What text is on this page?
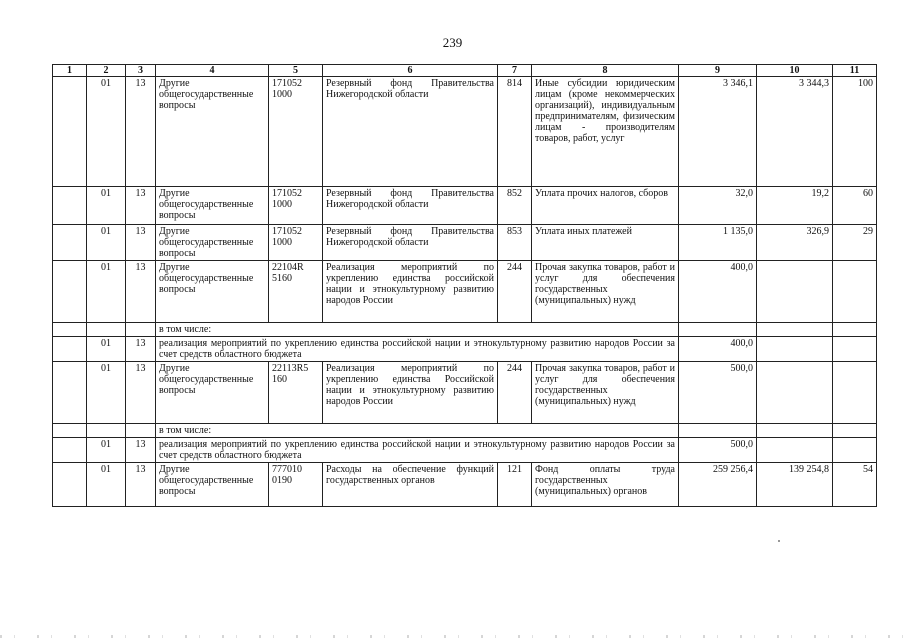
239
1	2	3	4	5	6	7	8	9	10	11
	01	13	Другие общегосударственные вопросы	171052 1000	Резервный фонд Правительства Нижегородской области	814	Иные субсидии юридическим лицам (кроме некоммерческих организаций), индивидуальным предпринимателям, физическим лицам - производителям товаров, работ, услуг	3 346,1	3 344,3	100
	01	13	Другие общегосударственные вопросы	171052 1000	Резервный фонд Правительства Нижегородской области	852	Уплата прочих налогов, сборов	32,0	19,2	60
	01	13	Другие общегосударственные вопросы	171052 1000	Резервный фонд Правительства Нижегородской области	853	Уплата иных платежей	1 135,0	326,9	29
	01	13	Другие общегосударственные вопросы	22104R 5160	Реализация мероприятий по укреплению единства российской нации и этнокультурному развитию народов России	244	Прочая закупка товаров, работ и услуг для обеспечения государственных (муниципальных) нужд	400,0		
			в том числе:							
	01	13	реализация мероприятий по укреплению единства российской нации и этнокультурному развитию народов России за счет средств областного бюджета					400,0		
	01	13	Другие общегосударственные вопросы	22113R5 160	Реализация мероприятий по укреплению единства Российской нации и этнокультурному развитию народов России	244	Прочая закупка товаров, работ и услуг для обеспечения государственных (муниципальных) нужд	500,0		
			в том числе:							
	01	13	реализация мероприятий по укреплению единства российской нации и этнокультурному развитию народов России за счет средств областного бюджета					500,0		
	01	13	Другие общегосударственные вопросы	777010 0190	Расходы на обеспечение функций государственных органов	121	Фонд оплаты труда государственных (муниципальных) органов	259 256,4	139 254,8	54
